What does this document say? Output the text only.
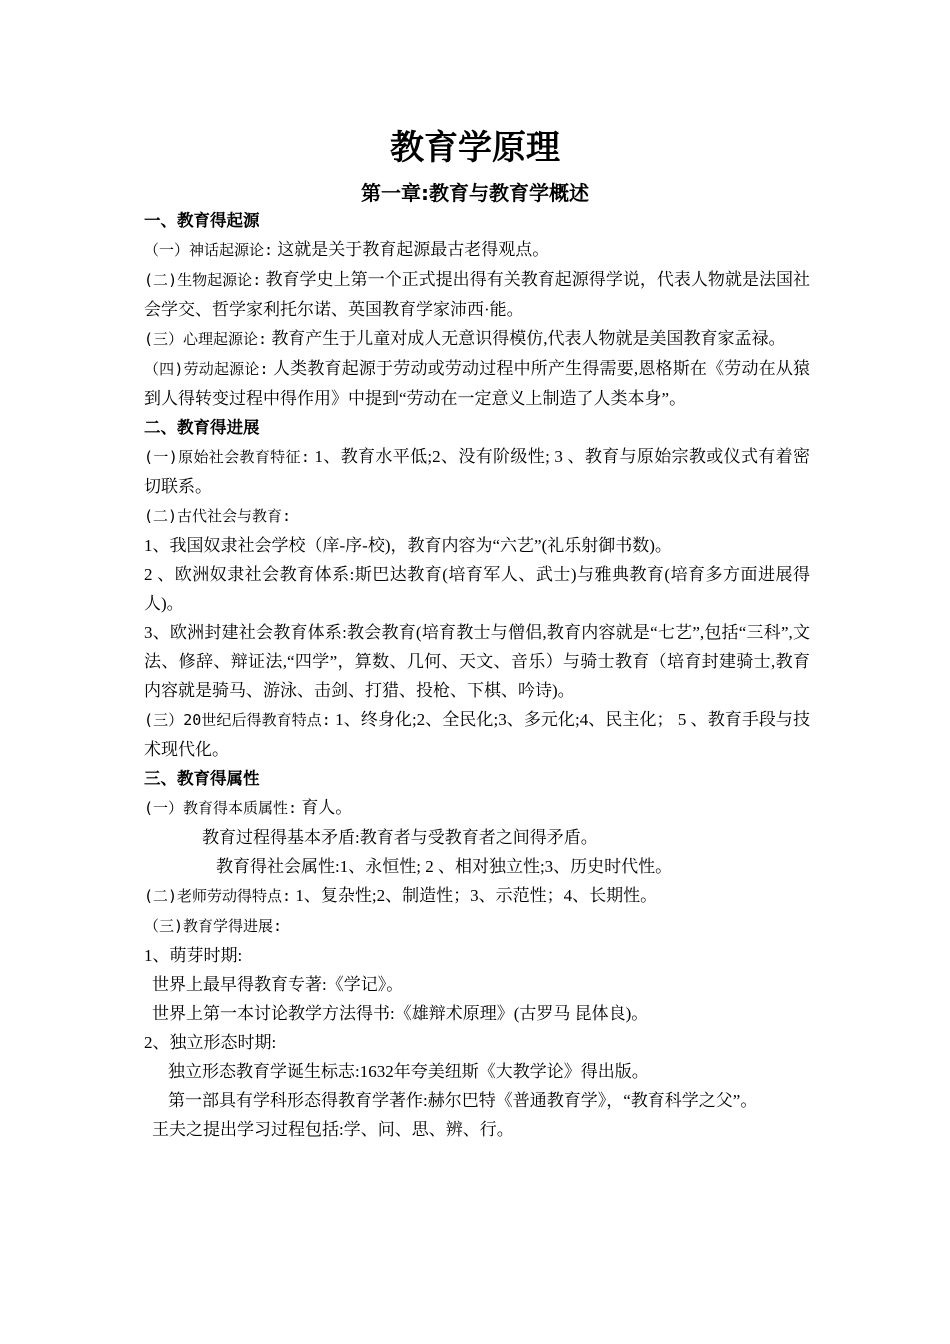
教育学原理
第一章:教育与教育学概述

一、教育得起源

（一）神话起源论: 这就是关于教育起源最古老得观点。

(二)生物起源论: 教育学史上第一个正式提出得有关教育起源得学说，代表人物就是法国社会学交、哲学家利托尔诺、英国教育学家沛西·能。

(三）心理起源论: 教育产生于儿童对成人无意识得模仿,代表人物就是美国教育家孟禄。

（四)劳动起源论: 人类教育起源于劳动或劳动过程中所产生得需要,恩格斯在《劳动在从猿到人得转变过程中得作用》中提到“劳动在一定意义上制造了人类本身”。

二、教育得进展

(一)原始社会教育特征: 1、教育水平低;2、没有阶级性; 3 、教育与原始宗教或仪式有着密切联系。

(二)古代社会与教育:

1、我国奴隶社会学校（庠-序-校)，教育内容为“六艺”(礼乐射御书数)。

2 、欧洲奴隶社会教育体系:斯巴达教育(培育军人、武士)与雅典教育(培育多方面进展得人)。

3、欧洲封建社会教育体系:教会教育(培育教士与僧侣,教育内容就是“七艺”,包括“三科”,文法、修辞、辩证法,“四学”，算数、几何、天文、音乐）与骑士教育（培育封建骑士,教育内容就是骑马、游泳、击剑、打猎、投枪、下棋、吟诗)。

(三）20世纪后得教育特点: 1、终身化;2、全民化;3、多元化;4、民主化； 5 、教育手段与技术现代化。

三、教育得属性

(一）教育得本质属性: 育人。

教育过程得基本矛盾:教育者与受教育者之间得矛盾。

教育得社会属性:1、永恒性; 2 、相对独立性;3、历史时代性。

(二)老师劳动得特点: 1、复杂性;2、制造性；3、示范性；4、长期性。

（三)教育学得进展:

1、萌芽时期:

世界上最早得教育专著:《学记》。

世界上第一本讨论教学方法得书:《雄辩术原理》(古罗马 昆体良)。

2、独立形态时期:

独立形态教育学诞生标志:1632年夸美纽斯《大教学论》得出版。

第一部具有学科形态得教育学著作:赫尔巴特《普通教育学》，“教育科学之父”。

王夫之提出学习过程包括:学、问、思、辨、行。
